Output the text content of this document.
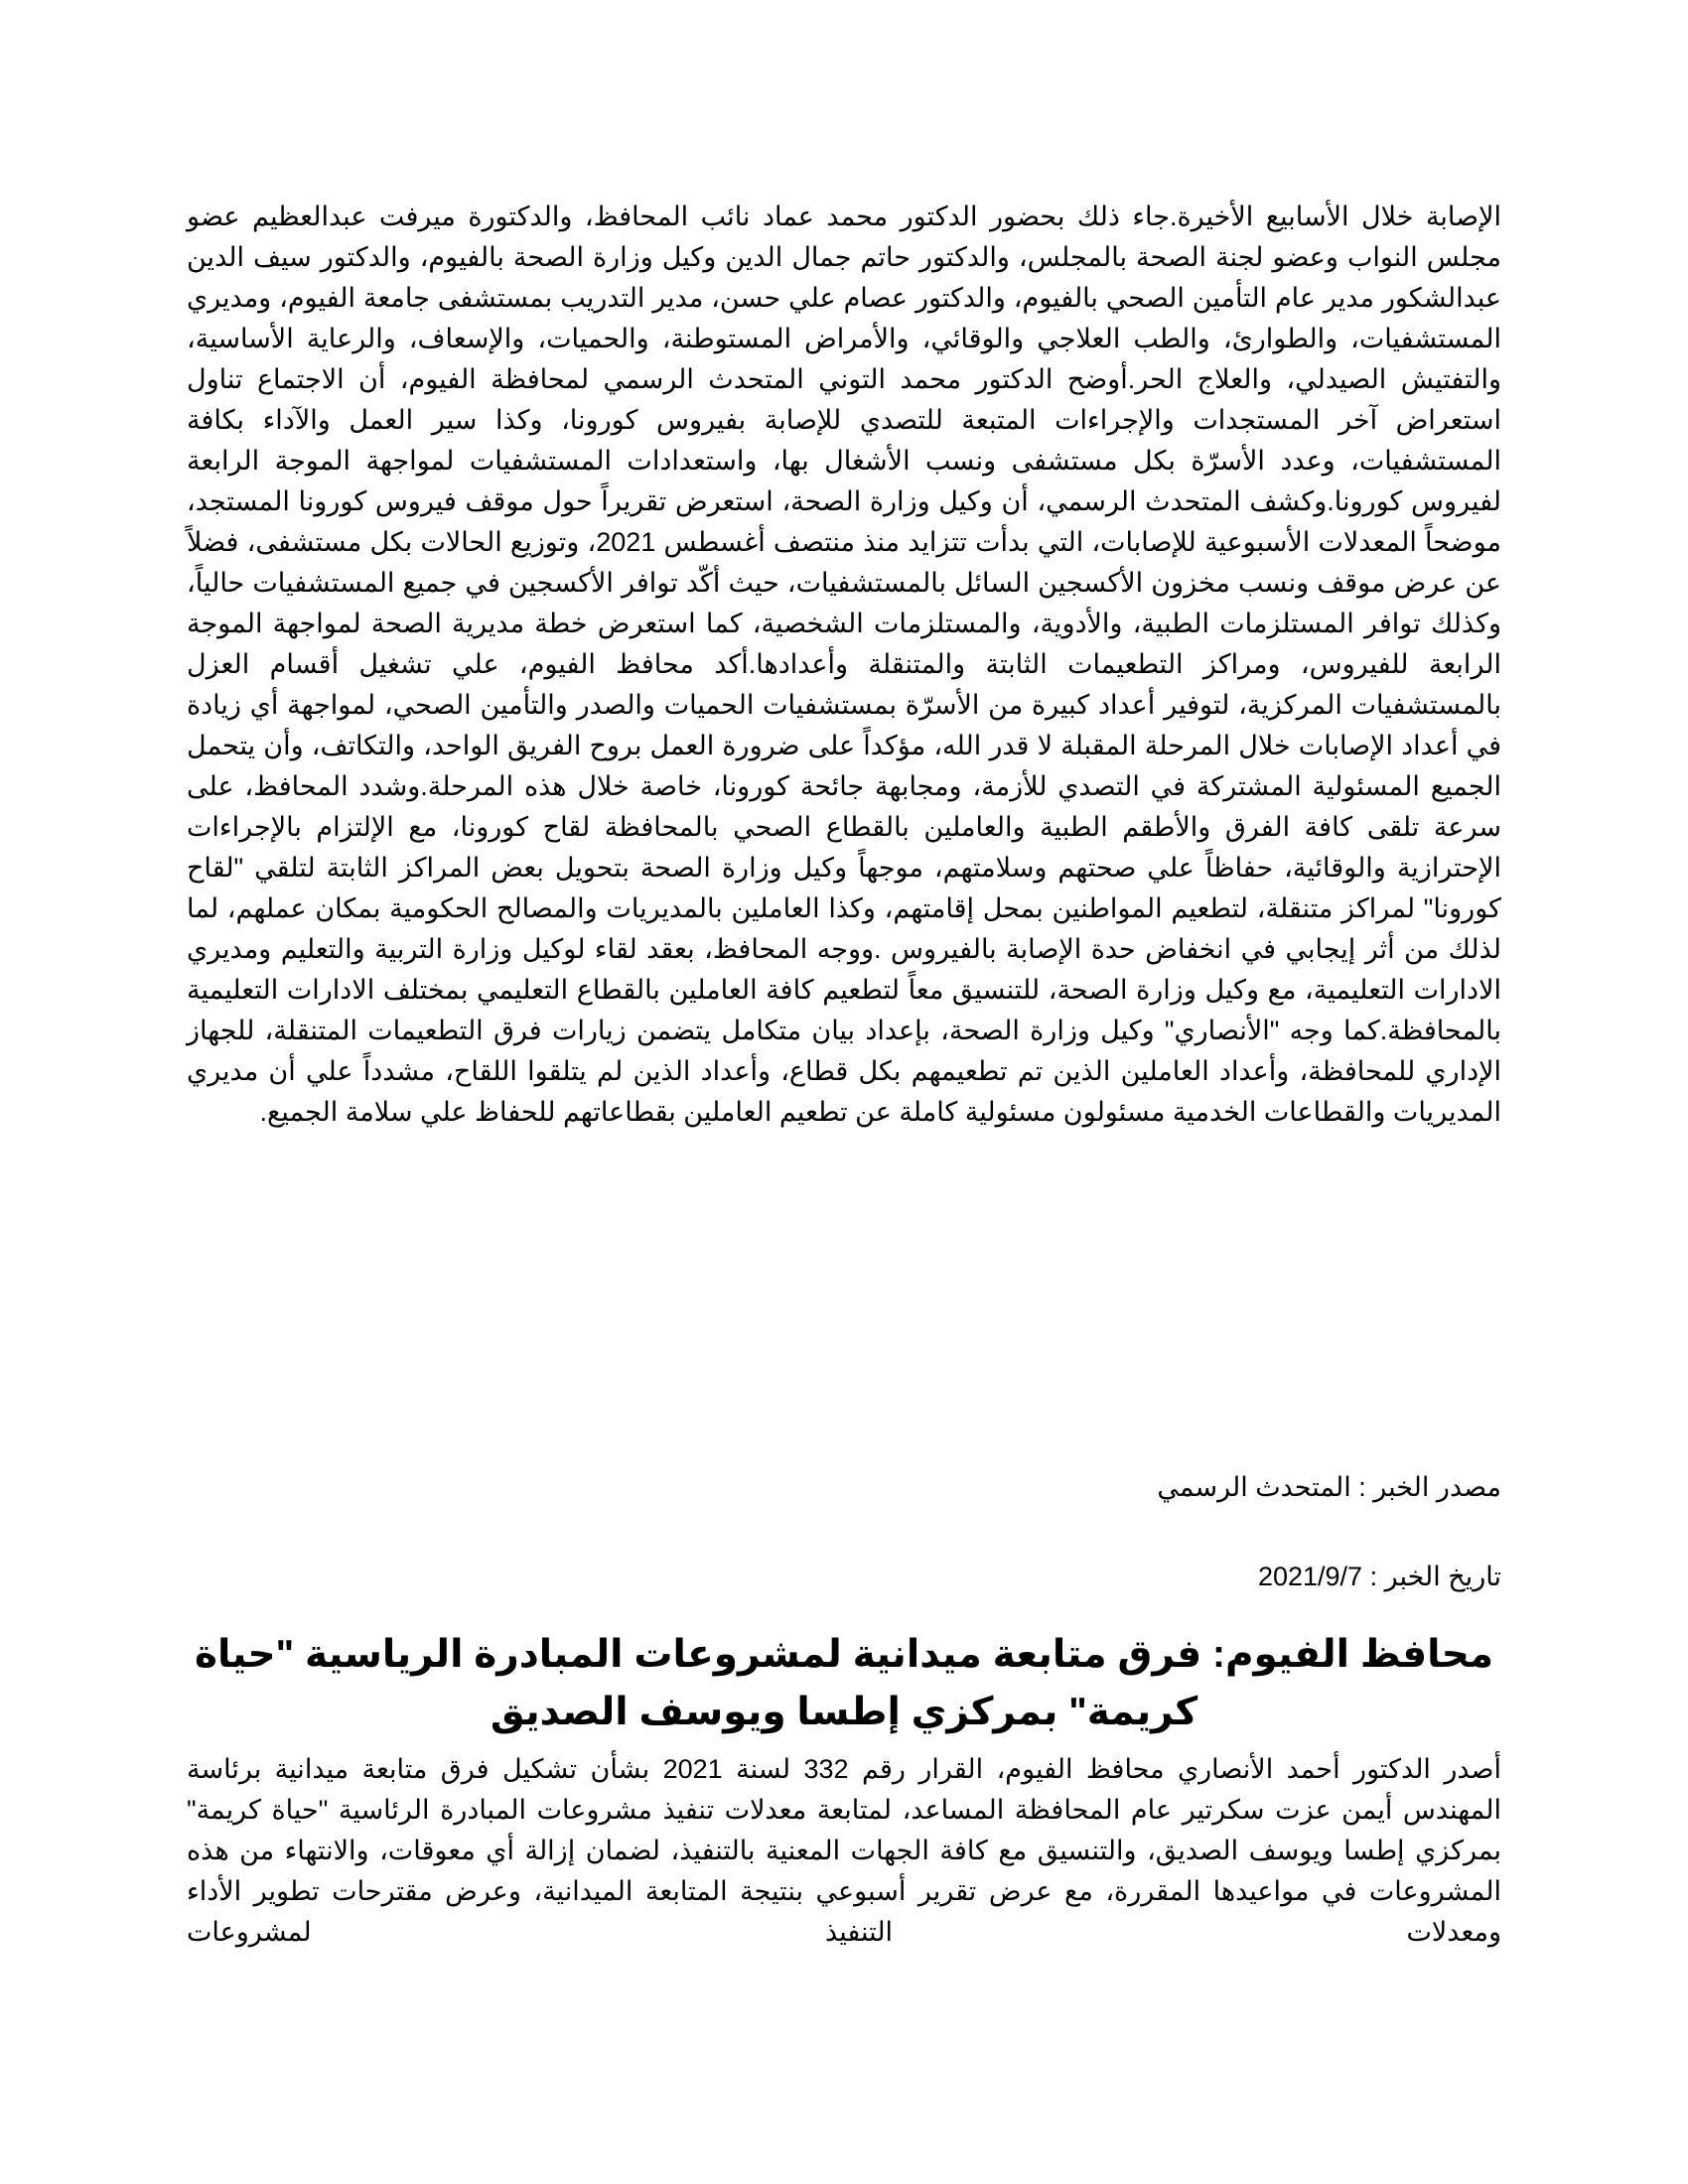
الإصابة خلال الأسابيع الأخيرة.جاء ذلك بحضور الدكتور محمد عماد نائب المحافظ، والدكتورة ميرفت عبدالعظيم عضو مجلس النواب وعضو لجنة الصحة بالمجلس، والدكتور حاتم جمال الدين وكيل وزارة الصحة بالفيوم، والدكتور سيف الدين عبدالشكور مدير عام التأمين الصحي بالفيوم، والدكتور عصام علي حسن، مدير التدريب بمستشفى جامعة الفيوم، ومديري المستشفيات، والطوارئ، والطب العلاجي والوقائي، والأمراض المستوطنة، والحميات، والإسعاف، والرعاية الأساسية، والتفتيش الصيدلي، والعلاج الحر.أوضح الدكتور محمد التوني المتحدث الرسمي لمحافظة الفيوم، أن الاجتماع تناول استعراض آخر المستجدات والإجراءات المتبعة للتصدي للإصابة بفيروس كورونا، وكذا سير العمل والآداء بكافة المستشفيات، وعدد الأسرّة بكل مستشفى ونسب الأشغال بها، واستعدادات المستشفيات لمواجهة الموجة الرابعة لفيروس كورونا.وكشف المتحدث الرسمي، أن وكيل وزارة الصحة، استعرض تقريراً حول موقف فيروس كورونا المستجد، موضحاً المعدلات الأسبوعية للإصابات، التي بدأت تتزايد منذ منتصف أغسطس 2021، وتوزيع الحالات بكل مستشفى، فضلاً عن عرض موقف ونسب مخزون الأكسجين السائل بالمستشفيات، حيث أكّد توافر الأكسجين في جميع المستشفيات حالياً، وكذلك توافر المستلزمات الطبية، والأدوية، والمستلزمات الشخصية، كما استعرض خطة مديرية الصحة لمواجهة الموجة الرابعة للفيروس، ومراكز التطعيمات الثابتة والمتنقلة وأعدادها.أكد محافظ الفيوم، علي تشغيل أقسام العزل بالمستشفيات المركزية، لتوفير أعداد كبيرة من الأسرّة بمستشفيات الحميات والصدر والتأمين الصحي، لمواجهة أي زيادة في أعداد الإصابات خلال المرحلة المقبلة لا قدر الله، مؤكداً على ضرورة العمل بروح الفريق الواحد، والتكاتف، وأن يتحمل الجميع المسئولية المشتركة في التصدي للأزمة، ومجابهة جائحة كورونا، خاصة خلال هذه المرحلة.وشدد المحافظ، على سرعة تلقى كافة الفرق والأطقم الطبية والعاملين بالقطاع الصحي بالمحافظة لقاح كورونا، مع الإلتزام بالإجراءات الإحترازية والوقائية، حفاظاً علي صحتهم وسلامتهم، موجهاً وكيل وزارة الصحة بتحويل بعض المراكز الثابتة لتلقي "لقاح كورونا" لمراكز متنقلة، لتطعيم المواطنين بمحل إقامتهم، وكذا العاملين بالمديريات والمصالح الحكومية بمكان عملهم، لما لذلك من أثر إيجابي في انخفاض حدة الإصابة بالفيروس .ووجه المحافظ، بعقد لقاء لوكيل وزارة التربية والتعليم ومديري الادارات التعليمية، مع وكيل وزارة الصحة، للتنسيق معاً لتطعيم كافة العاملين بالقطاع التعليمي بمختلف الادارات التعليمية بالمحافظة.كما وجه "الأنصاري" وكيل وزارة الصحة، بإعداد بيان متكامل يتضمن زيارات فرق التطعيمات المتنقلة، للجهاز الإداري للمحافظة، وأعداد العاملين الذين تم تطعيمهم بكل قطاع، وأعداد الذين لم يتلقوا اللقاح، مشدداً علي أن مديري المديريات والقطاعات الخدمية مسئولون مسئولية كاملة عن تطعيم العاملين بقطاعاتهم للحفاظ علي سلامة الجميع.

مصدر الخبر : المتحدث الرسمي

تاريخ الخبر : 2021/9/7

محافظ الفيوم: فرق متابعة ميدانية لمشروعات المبادرة الرياسية "حياة كريمة" بمركزي إطسا ويوسف الصديق

أصدر الدكتور أحمد الأنصاري محافظ الفيوم، القرار رقم 332 لسنة 2021 بشأن تشكيل فرق متابعة ميدانية برئاسة المهندس أيمن عزت سكرتير عام المحافظة المساعد، لمتابعة معدلات تنفيذ مشروعات المبادرة الرئاسية "حياة كريمة" بمركزي إطسا ويوسف الصديق، والتنسيق مع كافة الجهات المعنية بالتنفيذ، لضمان إزالة أي معوقات، والانتهاء من هذه المشروعات في مواعيدها المقررة، مع عرض تقرير أسبوعي بنتيجة المتابعة الميدانية، وعرض مقترحات تطوير الأداء ومعدلات التنفيذ لمشروعات
